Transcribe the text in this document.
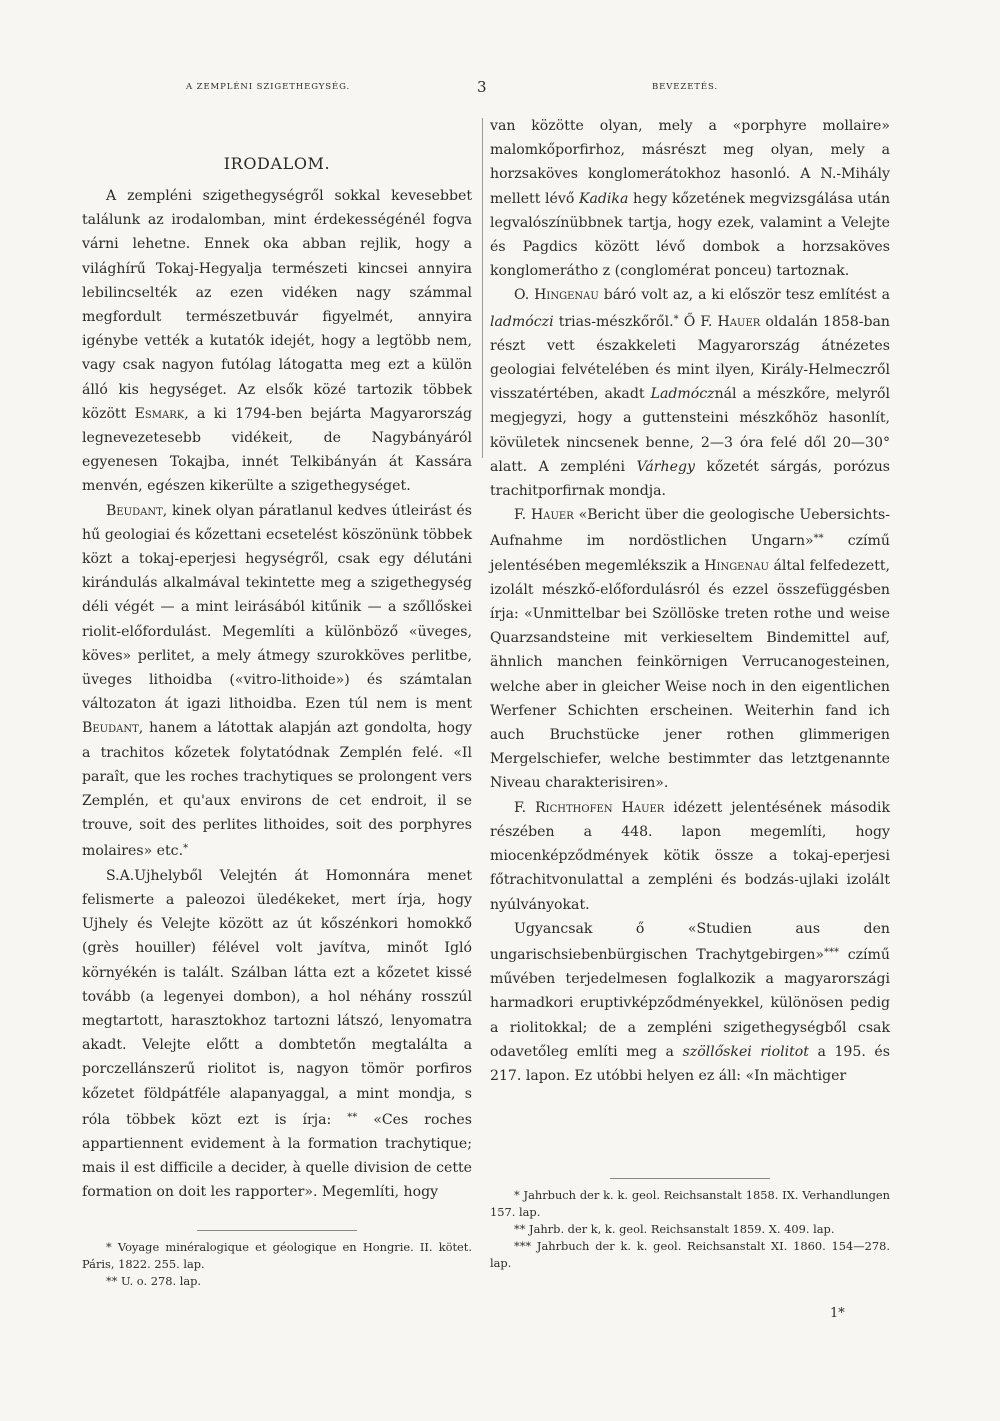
A ZEMPLÉNI SZIGETHEGYSÉG.	3	BEVEZETÉS.
IRODALOM.

A zempléni szigethegységről sokkal kevesebbet találunk az irodalomban, mint érdekességénél fogva várni lehetne. Ennek oka abban rejlik, hogy a világhírű Tokaj-Hegyalja természeti kincsei annyira lebilincselték az ezen vidéken nagy számmal megfordult természetbuvár figyelmét, annyira igénybe vették a kutatók idejét, hogy a legtöbb nem, vagy csak nagyon futólag látogatta meg ezt a külön álló kis hegységet. Az elsők közé tartozik többek között Esmark, a ki 1794-ben bejárta Magyarország legnevezetesebb vidékeit, de Nagybányáról egyenesen Tokajba, innét Telkibányán át Kassára menvén, egészen kikerülte a szigethegységet.

Beudant, kinek olyan páratlanul kedves útleirást és hű geologiai és kőzettani ecsetelést köszönünk többek közt a tokaj-eperjesi hegységről, csak egy délutáni kirándulás alkalmával tekintette meg a szigethegység déli végét — a mint leirásából kitűnik — a szőllőskei riolit-előfordulást. Megemlíti a különböző «üveges, köves» perlitet, a mely átmegy szurokköves perlitbe, üveges lithoidba («vitro-lithoide») és számtalan változaton át igazi lithoidba. Ezen túl nem is ment Beudant, hanem a látottak alapján azt gondolta, hogy a trachitos kőzetek folytatódnak Zemplén felé. «Il paraît, que les roches trachytiques se prolongent vers Zemplén, et qu'aux environs de cet endroit, il se trouve, soit des perlites lithoides, soit des porphyres molaires» etc.*

S.A.Ujhelyből Velejtén át Homonnára menet felismerte a paleozoi üledékeket, mert írja, hogy Ujhely és Velejte között az út kőszénkori homokkő (grès houiller) félével volt javítva, minőt Igló környékén is talált. Szálban látta ezt a kőzetet kissé tovább (a legenyei dombon), a hol néhány rosszúl megtartott, harasztokhoz tartozni látszó, lenyomatra akadt. Velejte előtt a dombtetőn megtalálta a porczellánszerű riolitot is, nagyon tömör porfiros kőzetet földpátféle alapanyaggal, a mint mondja, s róla többek közt ezt is írja: ** «Ces roches appartiennent evidement à la formation trachytique; mais il est difficile a decider, à quelle division de cette formation on doit les rapporter». Megemlíti, hogy

van közötte olyan, mely a «porphyre mollaire» malomkőporfirhoz, másrészt meg olyan, mely a horzsaköves konglomerátokhoz hasonló. A N.-Mihály mellett lévő Kadika hegy kőzetének megvizsgálása után legvalószínübbnek tartja, hogy ezek, valamint a Velejte és Pagdics között lévő dombok a horzsaköves konglomerátho z (conglomérat ponceu) tartoznak.

O. Hingenau báró volt az, a ki először tesz említést a ladmóczi trias-mészkőről.* Ő F. Hauer oldalán 1858-ban részt vett északkeleti Magyarország átnézetes geologiai felvételében és mint ilyen, Király-Helmeczről visszatértében, akadt Ladmócznál a mészkőre, melyről megjegyzi, hogy a guttensteini mészkőhöz hasonlít, kövületek nincsenek benne, 2—3 óra felé dől 20—30° alatt. A zempléni Várhegy kőzetét sárgás, porózus trachitporfirnak mondja.

F. Hauer «Bericht über die geologische Uebersichts-Aufnahme im nordöstlichen Ungarn»** czímű jelentésében megemlékszik a Hingenau által felfedezett, izolált mészkő-előfordulásról és ezzel összefüggésben írja: «Unmittelbar bei Szöllöske treten rothe und weise Quarzsandsteine mit verkieseltem Bindemittel auf, ähnlich manchen feinkörnigen Verrucanogesteinen, welche aber in gleicher Weise noch in den eigentlichen Werfener Schichten erscheinen. Weiterhin fand ich auch Bruchstücke jener rothen glimmerigen Mergelschiefer, welche bestimmter das letztgenannte Niveau charakterisiren».

F. Richthofen Hauer idézett jelentésének második részében a 448. lapon megemlíti, hogy miocenképződmények kötik össze a tokaj-eperjesi főtrachitvonulattal a zempléni és bodzás-ujlaki izolált nyúlványokat.

Ugyancsak ő «Studien aus den ungarischsiebenbürgischen Trachytgebirgen»*** czímű művében terjedelmesen foglalkozik a magyarországi harmadkori eruptivképződményekkel, különösen pedig a riolitokkal; de a zempléni szigethegységből csak odavetőleg említi meg a szöllőskei riolitot a 195. és 217. lapon. Ez utóbbi helyen ez áll: «In mächtiger

* Voyage minéralogique et géologique en Hongrie. II. kötet. Páris, 1822. 255. lap.

** U. o. 278. lap.

* Jahrbuch der k. k. geol. Reichsanstalt 1858. IX. Verhandlungen 157. lap.

** Jahrb. der k, k. geol. Reichsanstalt 1859. X. 409. lap.

*** Jahrbuch der k. k. geol. Reichsanstalt XI. 1860. 154—278. lap.

1*
